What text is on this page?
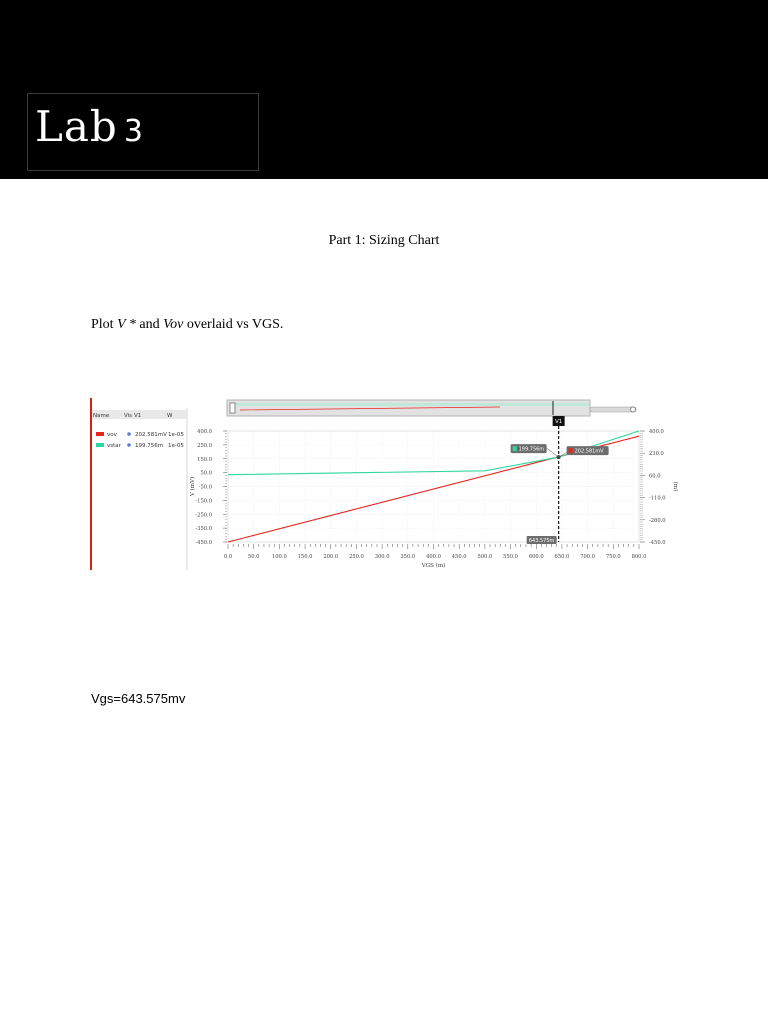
Lab 3
Part 1: Sizing Chart
Plot V * and Vov overlaid vs VGS.
Name	Vis V1	W
vov	202.581mV 1e-05
vstar	199.756m 1e-05
0.0	50.0 100.0 150.0 200.0 250.0 300.0 350.0 400.0 450.0 500.0 550.0 600.0 650.0 700.0 750.0 800.0
400.0
250.0
150.0
50.0
-50.0
-150.0
-250.0
-350.0
-450.0
400.0
230.0
60.0
-110.0
-280.0
-450.0
VGS (m)
V (mV)	(m)
V1
643.575m
199.756m	202.581mV
Vgs=643.575mv
